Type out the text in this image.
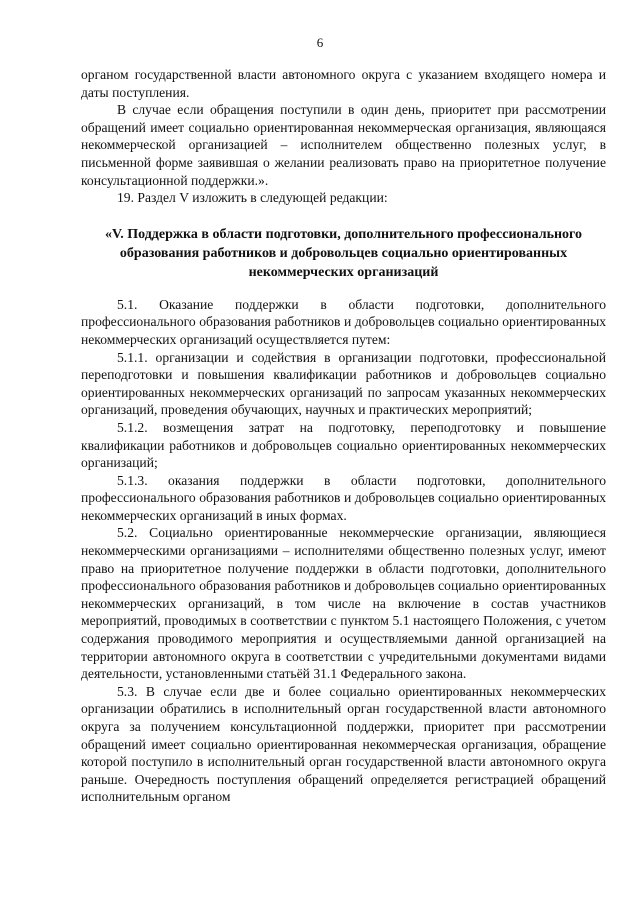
6

органом государственной власти автономного округа с указанием входящего номера и даты поступления.

В случае если обращения поступили в один день, приоритет при рассмотрении обращений имеет социально ориентированная некоммерческая организация, являющаяся некоммерческой организацией – исполнителем общественно полезных услуг, в письменной форме заявившая о желании реализовать право на приоритетное получение консультационной поддержки.».

19. Раздел V изложить в следующей редакции:

«V. Поддержка в области подготовки, дополнительного профессионального образования работников и добровольцев социально ориентированных некоммерческих организаций

5.1. Оказание поддержки в области подготовки, дополнительного профессионального образования работников и добровольцев социально ориентированных некоммерческих организаций осуществляется путем:

5.1.1. организации и содействия в организации подготовки, профессиональной переподготовки и повышения квалификации работников и добровольцев социально ориентированных некоммерческих организаций по запросам указанных некоммерческих организаций, проведения обучающих, научных и практических мероприятий;

5.1.2. возмещения затрат на подготовку, переподготовку и повышение квалификации работников и добровольцев социально ориентированных некоммерческих организаций;

5.1.3. оказания поддержки в области подготовки, дополнительного профессионального образования работников и добровольцев социально ориентированных некоммерческих организаций в иных формах.

5.2. Социально ориентированные некоммерческие организации, являющиеся некоммерческими организациями – исполнителями общественно полезных услуг, имеют право на приоритетное получение поддержки в области подготовки, дополнительного профессионального образования работников и добровольцев социально ориентированных некоммерческих организаций, в том числе на включение в состав участников мероприятий, проводимых в соответствии с пунктом 5.1 настоящего Положения, с учетом содержания проводимого мероприятия и осуществляемыми данной организацией на территории автономного округа в соответствии с учредительными документами видами деятельности, установленными статьёй 31.1 Федерального закона.

5.3. В случае если две и более социально ориентированных некоммерческих организации обратились в исполнительный орган государственной власти автономного округа за получением консультационной поддержки, приоритет при рассмотрении обращений имеет социально ориентированная некоммерческая организация, обращение которой поступило в исполнительный орган государственной власти автономного округа раньше. Очередность поступления обращений определяется регистрацией обращений исполнительным органом
